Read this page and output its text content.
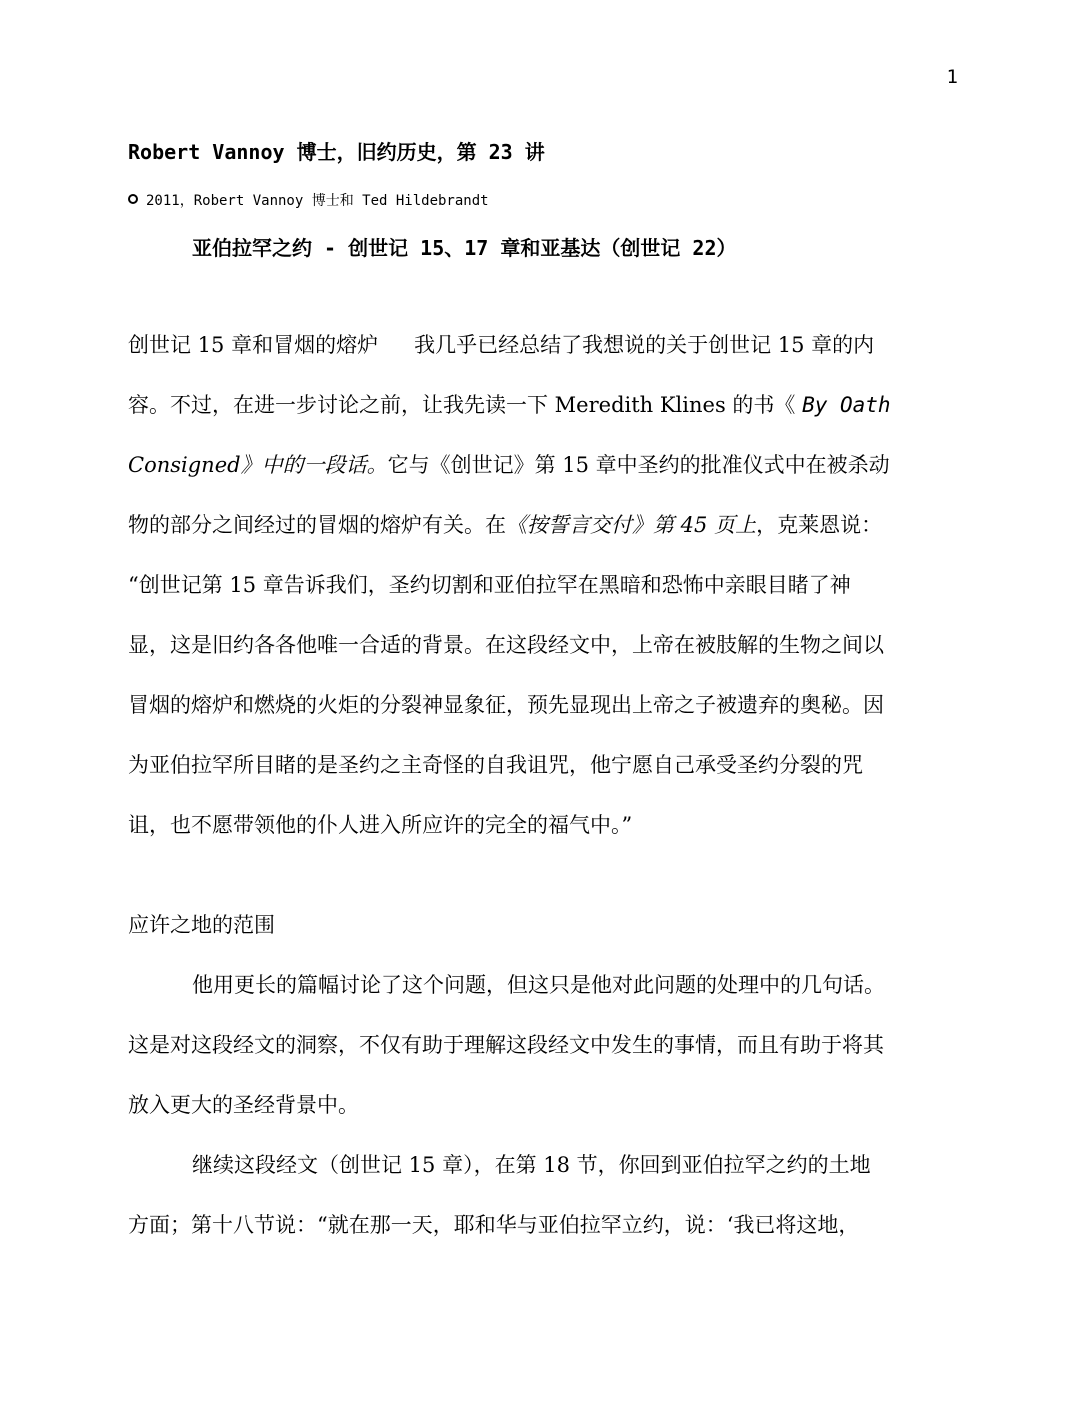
1
Robert Vannoy 博士，旧约历史，第 23 讲
2011，Robert Vannoy 博士和 Ted Hildebrandt
亚伯拉罕之约 - 创世记 15、17 章和亚基达（创世记 22）
创世记 15 章和冒烟的熔炉 我几乎已经总结了我想说的关于创世记 15 章的内
容。不过，在进一步讨论之前，让我先读一下 Meredith Klines 的书《 By Oath
Consigned》中的一段话。它与《创世记》第 15 章中圣约的批准仪式中在被杀动
物的部分之间经过的冒烟的熔炉有关。在《按誓言交付》第 45 页上，克莱恩说：
“创世记第 15 章告诉我们，圣约切割和亚伯拉罕在黑暗和恐怖中亲眼目睹了神
显，这是旧约各各他唯一合适的背景。在这段经文中，上帝在被肢解的生物之间以
冒烟的熔炉和燃烧的火炬的分裂神显象征，预先显现出上帝之子被遗弃的奥秘。因
为亚伯拉罕所目睹的是圣约之主奇怪的自我诅咒，他宁愿自己承受圣约分裂的咒
诅，也不愿带领他的仆人进入所应许的完全的福气中。”
应许之地的范围
他用更长的篇幅讨论了这个问题，但这只是他对此问题的处理中的几句话。
这是对这段经文的洞察，不仅有助于理解这段经文中发生的事情，而且有助于将其
放入更大的圣经背景中。
继续这段经文（创世记 15 章），在第 18 节，你回到亚伯拉罕之约的土地
方面；第十八节说：“就在那一天，耶和华与亚伯拉罕立约，说：‘我已将这地，
